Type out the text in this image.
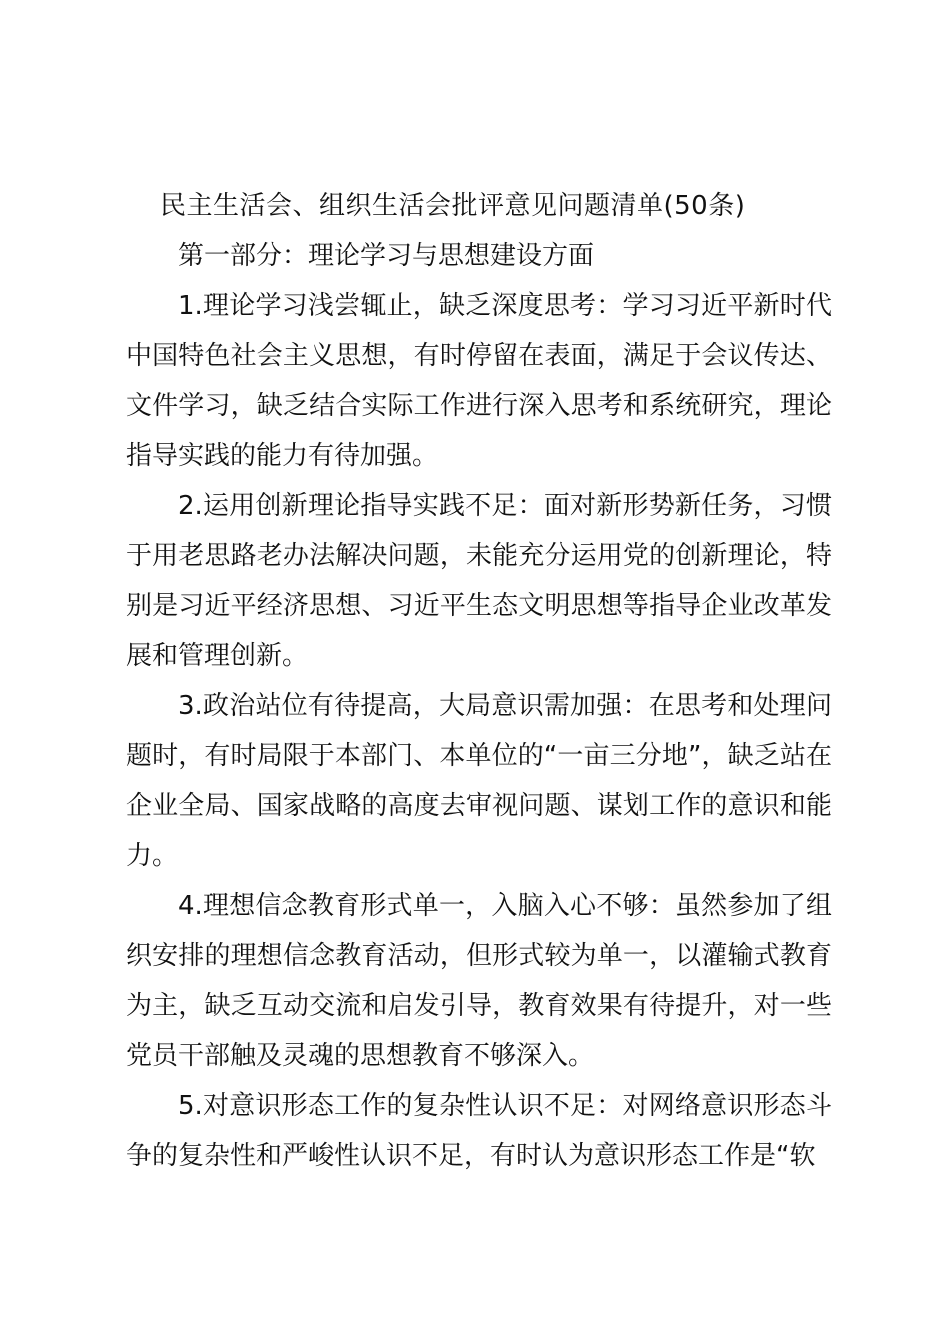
民主生活会、组织生活会批评意见问题清单(50条)
第一部分：理论学习与思想建设方面

1.理论学习浅尝辄止，缺乏深度思考：学习习近平新时代中国特色社会主义思想，有时停留在表面，满足于会议传达、文件学习，缺乏结合实际工作进行深入思考和系统研究，理论指导实践的能力有待加强。

2.运用创新理论指导实践不足：面对新形势新任务，习惯于用老思路老办法解决问题，未能充分运用党的创新理论，特别是习近平经济思想、习近平生态文明思想等指导企业改革发展和管理创新。

3.政治站位有待提高，大局意识需加强：在思考和处理问题时，有时局限于本部门、本单位的“一亩三分地”，缺乏站在企业全局、国家战略的高度去审视问题、谋划工作的意识和能力。

4.理想信念教育形式单一，入脑入心不够：虽然参加了组织安排的理想信念教育活动，但形式较为单一，以灌输式教育为主，缺乏互动交流和启发引导，教育效果有待提升，对一些党员干部触及灵魂的思想教育不够深入。

5.对意识形态工作的复杂性认识不足：对网络意识形态斗争的复杂性和严峻性认识不足，有时认为意识形态工作是“软
